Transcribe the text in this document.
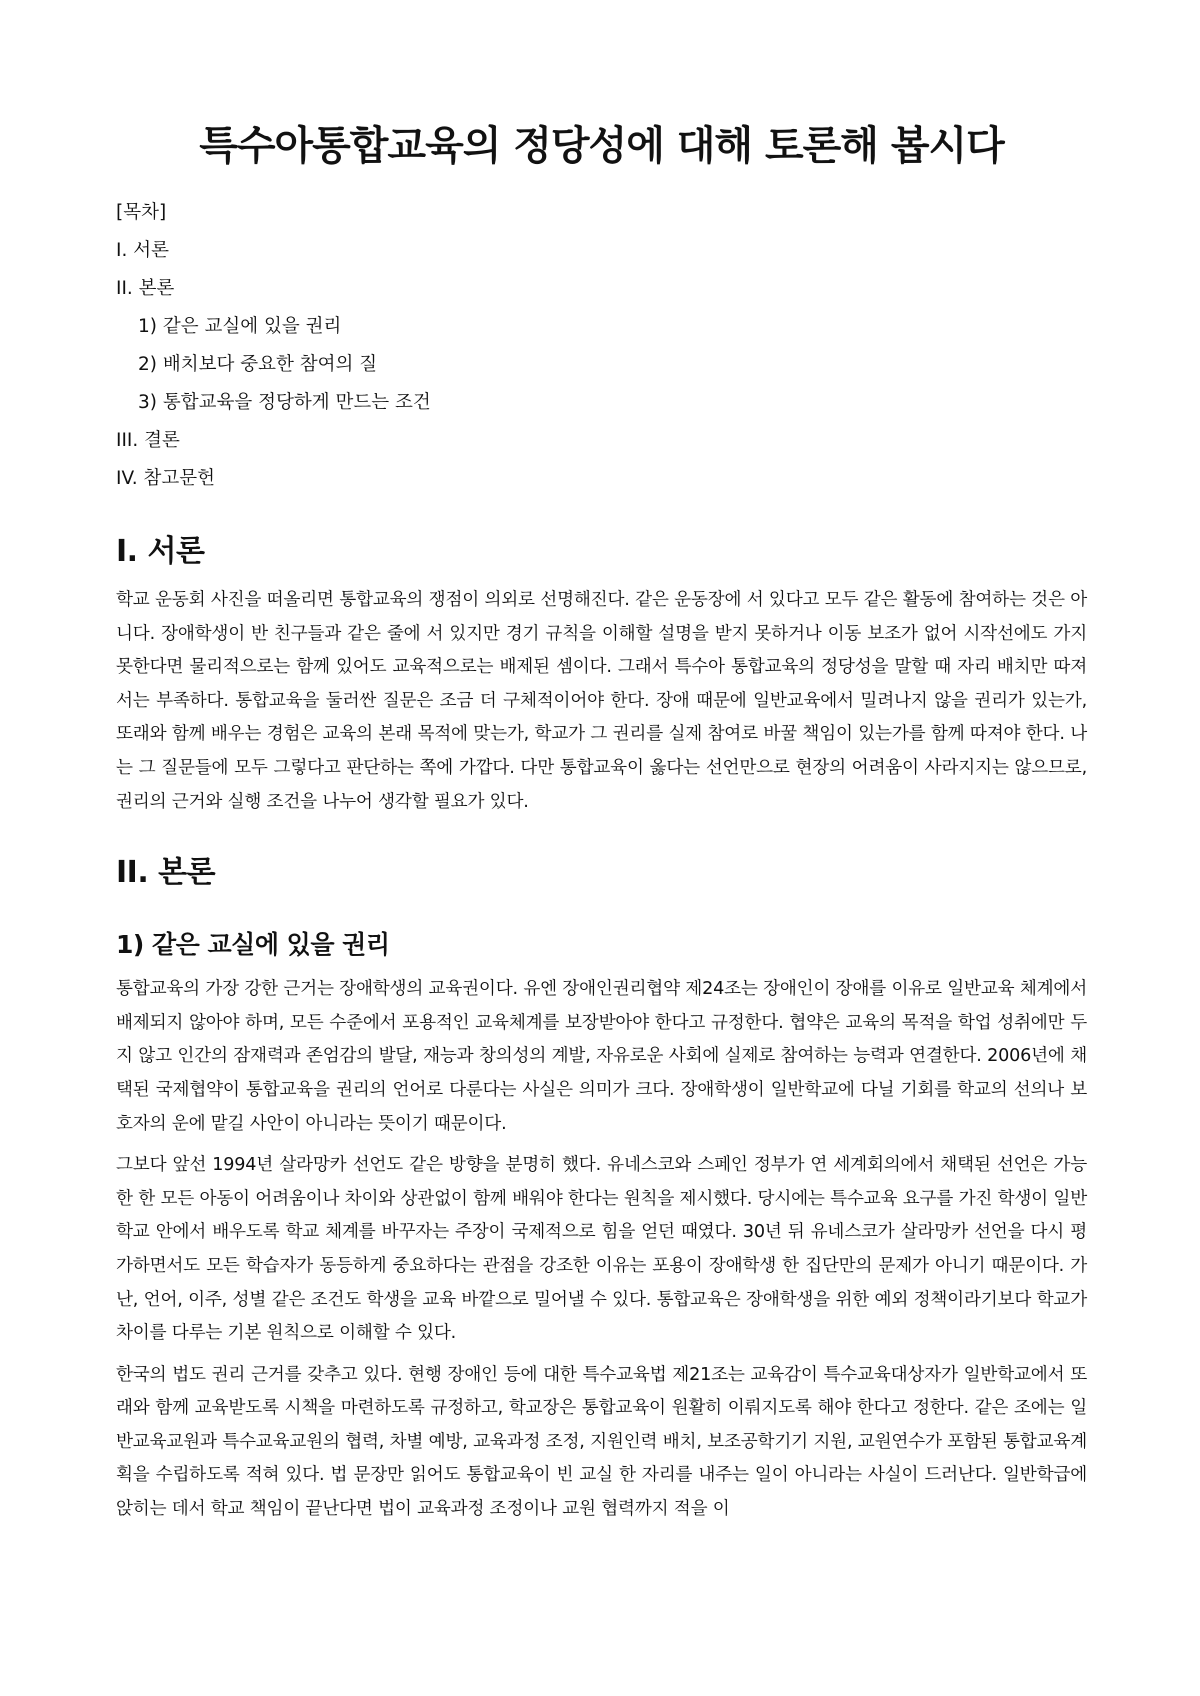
특수아통합교육의 정당성에 대해 토론해 봅시다
[목차]
I. 서론
II. 본론
1) 같은 교실에 있을 권리
2) 배치보다 중요한 참여의 질
3) 통합교육을 정당하게 만드는 조건
III. 결론
IV. 참고문헌
I. 서론

학교 운동회 사진을 떠올리면 통합교육의 쟁점이 의외로 선명해진다. 같은 운동장에 서 있다고 모두 같은 활동에 참여하는 것은 아니다. 장애학생이 반 친구들과 같은 줄에 서 있지만 경기 규칙을 이해할 설명을 받지 못하거나 이동 보조가 없어 시작선에도 가지 못한다면 물리적으로는 함께 있어도 교육적으로는 배제된 셈이다. 그래서 특수아 통합교육의 정당성을 말할 때 자리 배치만 따져서는 부족하다. 통합교육을 둘러싼 질문은 조금 더 구체적이어야 한다. 장애 때문에 일반교육에서 밀려나지 않을 권리가 있는가, 또래와 함께 배우는 경험은 교육의 본래 목적에 맞는가, 학교가 그 권리를 실제 참여로 바꿀 책임이 있는가를 함께 따져야 한다. 나는 그 질문들에 모두 그렇다고 판단하는 쪽에 가깝다. 다만 통합교육이 옳다는 선언만으로 현장의 어려움이 사라지지는 않으므로, 권리의 근거와 실행 조건을 나누어 생각할 필요가 있다.

II. 본론
1) 같은 교실에 있을 권리

통합교육의 가장 강한 근거는 장애학생의 교육권이다. 유엔 장애인권리협약 제24조는 장애인이 장애를 이유로 일반교육 체계에서 배제되지 않아야 하며, 모든 수준에서 포용적인 교육체계를 보장받아야 한다고 규정한다. 협약은 교육의 목적을 학업 성취에만 두지 않고 인간의 잠재력과 존엄감의 발달, 재능과 창의성의 계발, 자유로운 사회에 실제로 참여하는 능력과 연결한다. 2006년에 채택된 국제협약이 통합교육을 권리의 언어로 다룬다는 사실은 의미가 크다. 장애학생이 일반학교에 다닐 기회를 학교의 선의나 보호자의 운에 맡길 사안이 아니라는 뜻이기 때문이다.

그보다 앞선 1994년 살라망카 선언도 같은 방향을 분명히 했다. 유네스코와 스페인 정부가 연 세계회의에서 채택된 선언은 가능한 한 모든 아동이 어려움이나 차이와 상관없이 함께 배워야 한다는 원칙을 제시했다. 당시에는 특수교육 요구를 가진 학생이 일반학교 안에서 배우도록 학교 체계를 바꾸자는 주장이 국제적으로 힘을 얻던 때였다. 30년 뒤 유네스코가 살라망카 선언을 다시 평가하면서도 모든 학습자가 동등하게 중요하다는 관점을 강조한 이유는 포용이 장애학생 한 집단만의 문제가 아니기 때문이다. 가난, 언어, 이주, 성별 같은 조건도 학생을 교육 바깥으로 밀어낼 수 있다. 통합교육은 장애학생을 위한 예외 정책이라기보다 학교가 차이를 다루는 기본 원칙으로 이해할 수 있다.

한국의 법도 권리 근거를 갖추고 있다. 현행 장애인 등에 대한 특수교육법 제21조는 교육감이 특수교육대상자가 일반학교에서 또래와 함께 교육받도록 시책을 마련하도록 규정하고, 학교장은 통합교육이 원활히 이뤄지도록 해야 한다고 정한다. 같은 조에는 일반교육교원과 특수교육교원의 협력, 차별 예방, 교육과정 조정, 지원인력 배치, 보조공학기기 지원, 교원연수가 포함된 통합교육계획을 수립하도록 적혀 있다. 법 문장만 읽어도 통합교육이 빈 교실 한 자리를 내주는 일이 아니라는 사실이 드러난다. 일반학급에 앉히는 데서 학교 책임이 끝난다면 법이 교육과정 조정이나 교원 협력까지 적을 이
